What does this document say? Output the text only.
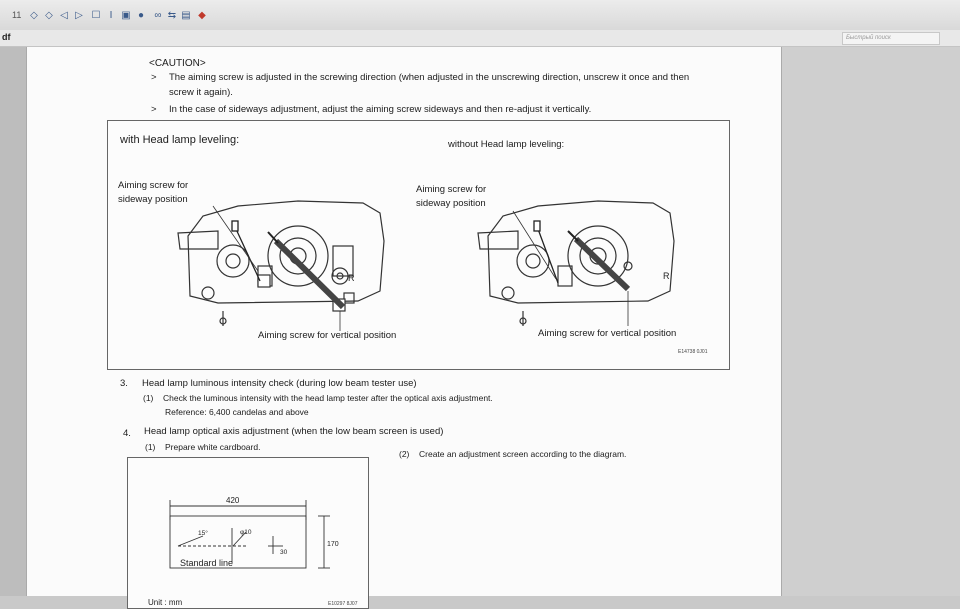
11 ◇ ◇ ◁ ▷ ☐ I ▣ ● ∞ ⇆ ▤ ◆
df	Быстрый поиск
<CAUTION>
> The aiming screw is adjusted in the screwing direction (when adjusted in the unscrewing direction, unscrew it once and then
screw it again).
> In the case of sideways adjustment, adjust the aiming screw sideways and then re-adjust it vertically.
with Head lamp leveling:	without Head lamp leveling:
Aiming screw for
sideway position
Aiming screw for
sideway position
Aiming screw for vertical position	Aiming screw for vertical position
E14738 0J01
R	R
3. Head lamp luminous intensity check (during low beam tester use)
(1) Check the luminous intensity with the head lamp tester after the optical axis adjustment.
Reference: 6,400 candelas and above
4. Head lamp optical axis adjustment (when the low beam screen is used)
(1) Prepare white cardboard.
(2) Create an adjustment screen according to the diagram.
420
170
15°	φ10
30
Standard line
Unit : mm	E10297 8J07
